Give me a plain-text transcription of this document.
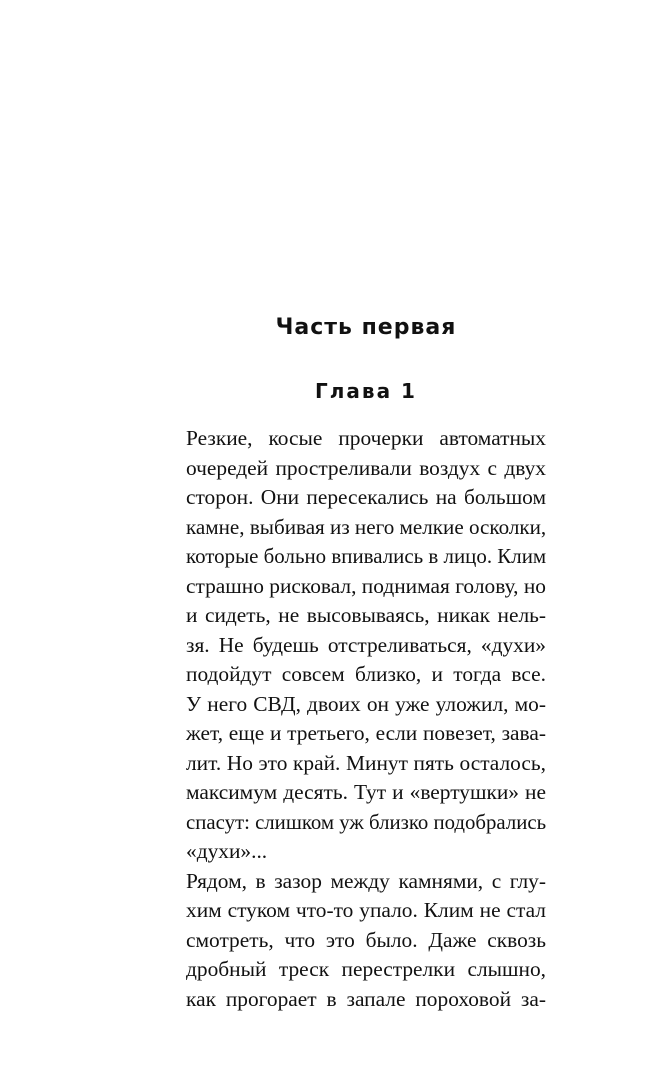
Часть первая
Глава 1
Резкие, косые прочерки автоматных
очередей простреливали воздух с двух
сторон. Они пересекались на большом
камне, выбивая из него мелкие осколки,
которые больно впивались в лицо. Клим
страшно рисковал, поднимая голову, но
и сидеть, не высовываясь, никак нель-
зя. Не будешь отстреливаться, «духи»
подойдут совсем близко, и тогда все.
У него СВД, двоих он уже уложил, мо-
жет, еще и третьего, если повезет, зава-
лит. Но это край. Минут пять осталось,
максимум десять. Тут и «вертушки» не
спасут: слишком уж близко подобрались
«духи»...
Рядом, в зазор между камнями, с глу-
хим стуком что-то упало. Клим не стал
смотреть, что это было. Даже сквозь
дробный треск перестрелки слышно,
как прогорает в запале пороховой за-
